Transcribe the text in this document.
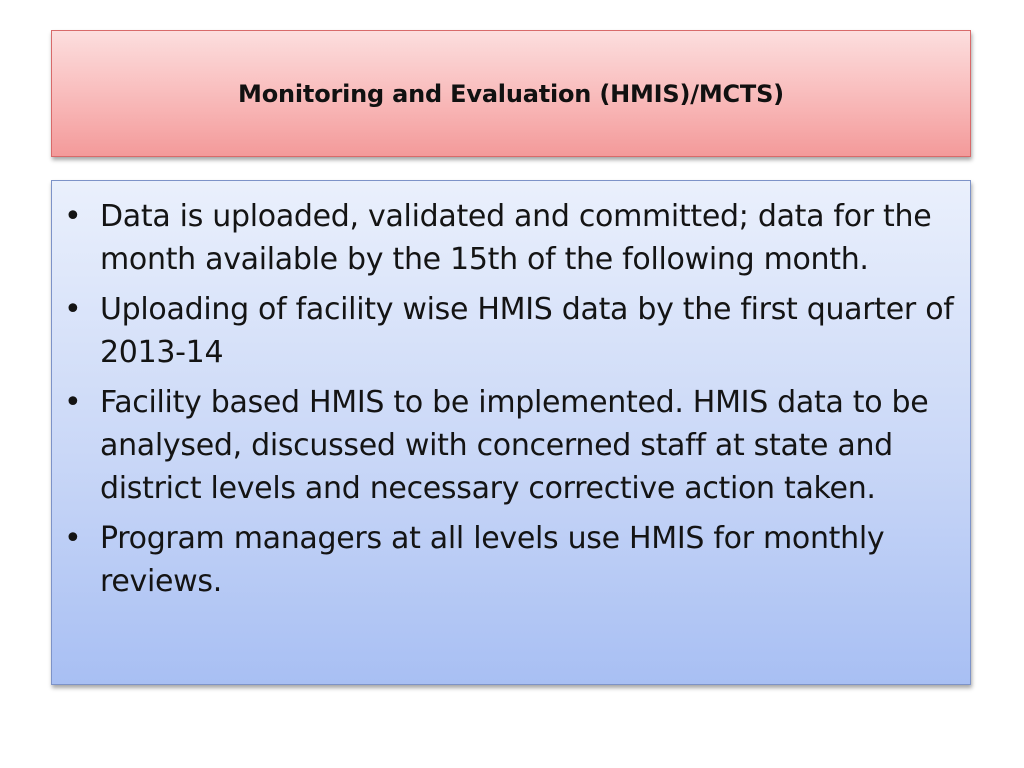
Monitoring and Evaluation (HMIS)/MCTS)
• Data is uploaded, validated and committed; data for the month available by the 15th of the following month.
• Uploading of facility wise HMIS data by the first quarter of 2013-14
• Facility based HMIS to be implemented. HMIS data to be analysed, discussed with concerned staff at state and district levels and necessary corrective action taken.
• Program managers at all levels use HMIS for monthly reviews.
